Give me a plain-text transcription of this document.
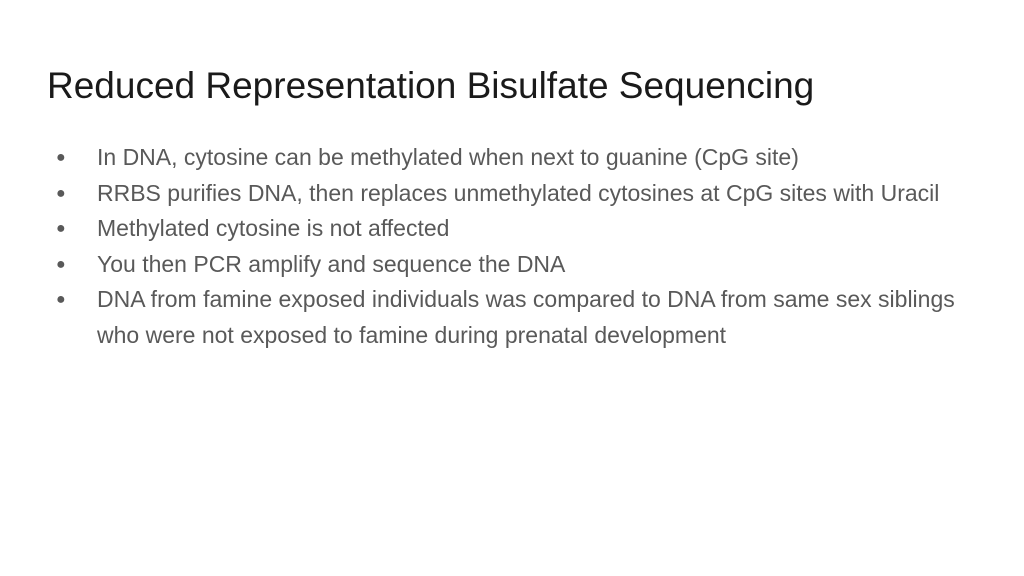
Reduced Representation Bisulfate Sequencing
● In DNA, cytosine can be methylated when next to guanine (CpG site)
● RRBS purifies DNA, then replaces unmethylated cytosines at CpG sites with Uracil
● Methylated cytosine is not affected
● You then PCR amplify and sequence the DNA
● DNA from famine exposed individuals was compared to DNA from same sex siblings who were not exposed to famine during prenatal development
